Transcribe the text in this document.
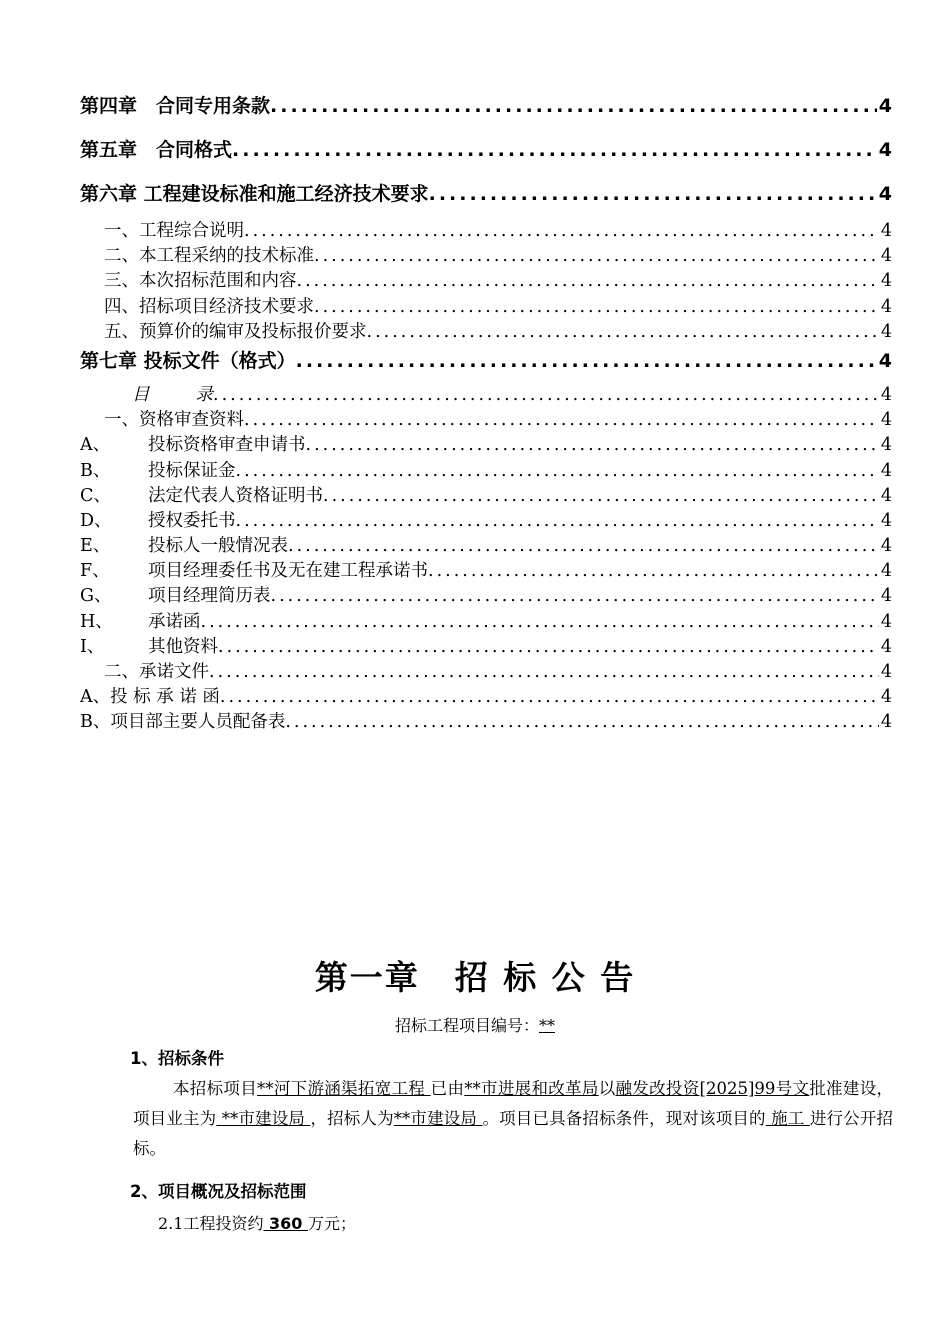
第四章　合同专用条款 .....	4
第五章　合同格式 .....	4
第六章 工程建设标准和施工经济技术要求 .....	4
一、工程综合说明 .....	4
二、本工程采纳的技术标准 .....	4
三、本次招标范围和内容 .....	4
四、招标项目经济技术要求 .....	4
五、预算价的编审及投标报价要求 .....	4
第七章 投标文件（格式） .....	4
目	录 .....	4
一、资格审查资料 .....	4
A、 投标资格审查申请书 .....	4
B、 投标保证金 .....	4
C、 法定代表人资格证明书 .....	4
D、 授权委托书 .....	4
E、 投标人一般情况表 .....	4
F、 项目经理委任书及无在建工程承诺书 .....	4
G、 项目经理简历表 .....	4
H、 承诺函 .....	4
I、 其他资料 .....	4
二、承诺文件 .....	4
A、投 标 承 诺 函 .....	4
B、项目部主要人员配备表 .....	4
第一章　招 标 公 告
招标工程项目编号：**
1、招标条件
本招标项目**河下游涵渠拓宽工程 已由**市进展和改革局以融发改投资[2025]99号文批准建设，项目业主为 **市建设局 ，招标人为**市建设局 。项目已具备招标条件，现对该项目的 施工 进行公开招标。
2、项目概况及招标范围
2.1工程投资约 360 万元；
